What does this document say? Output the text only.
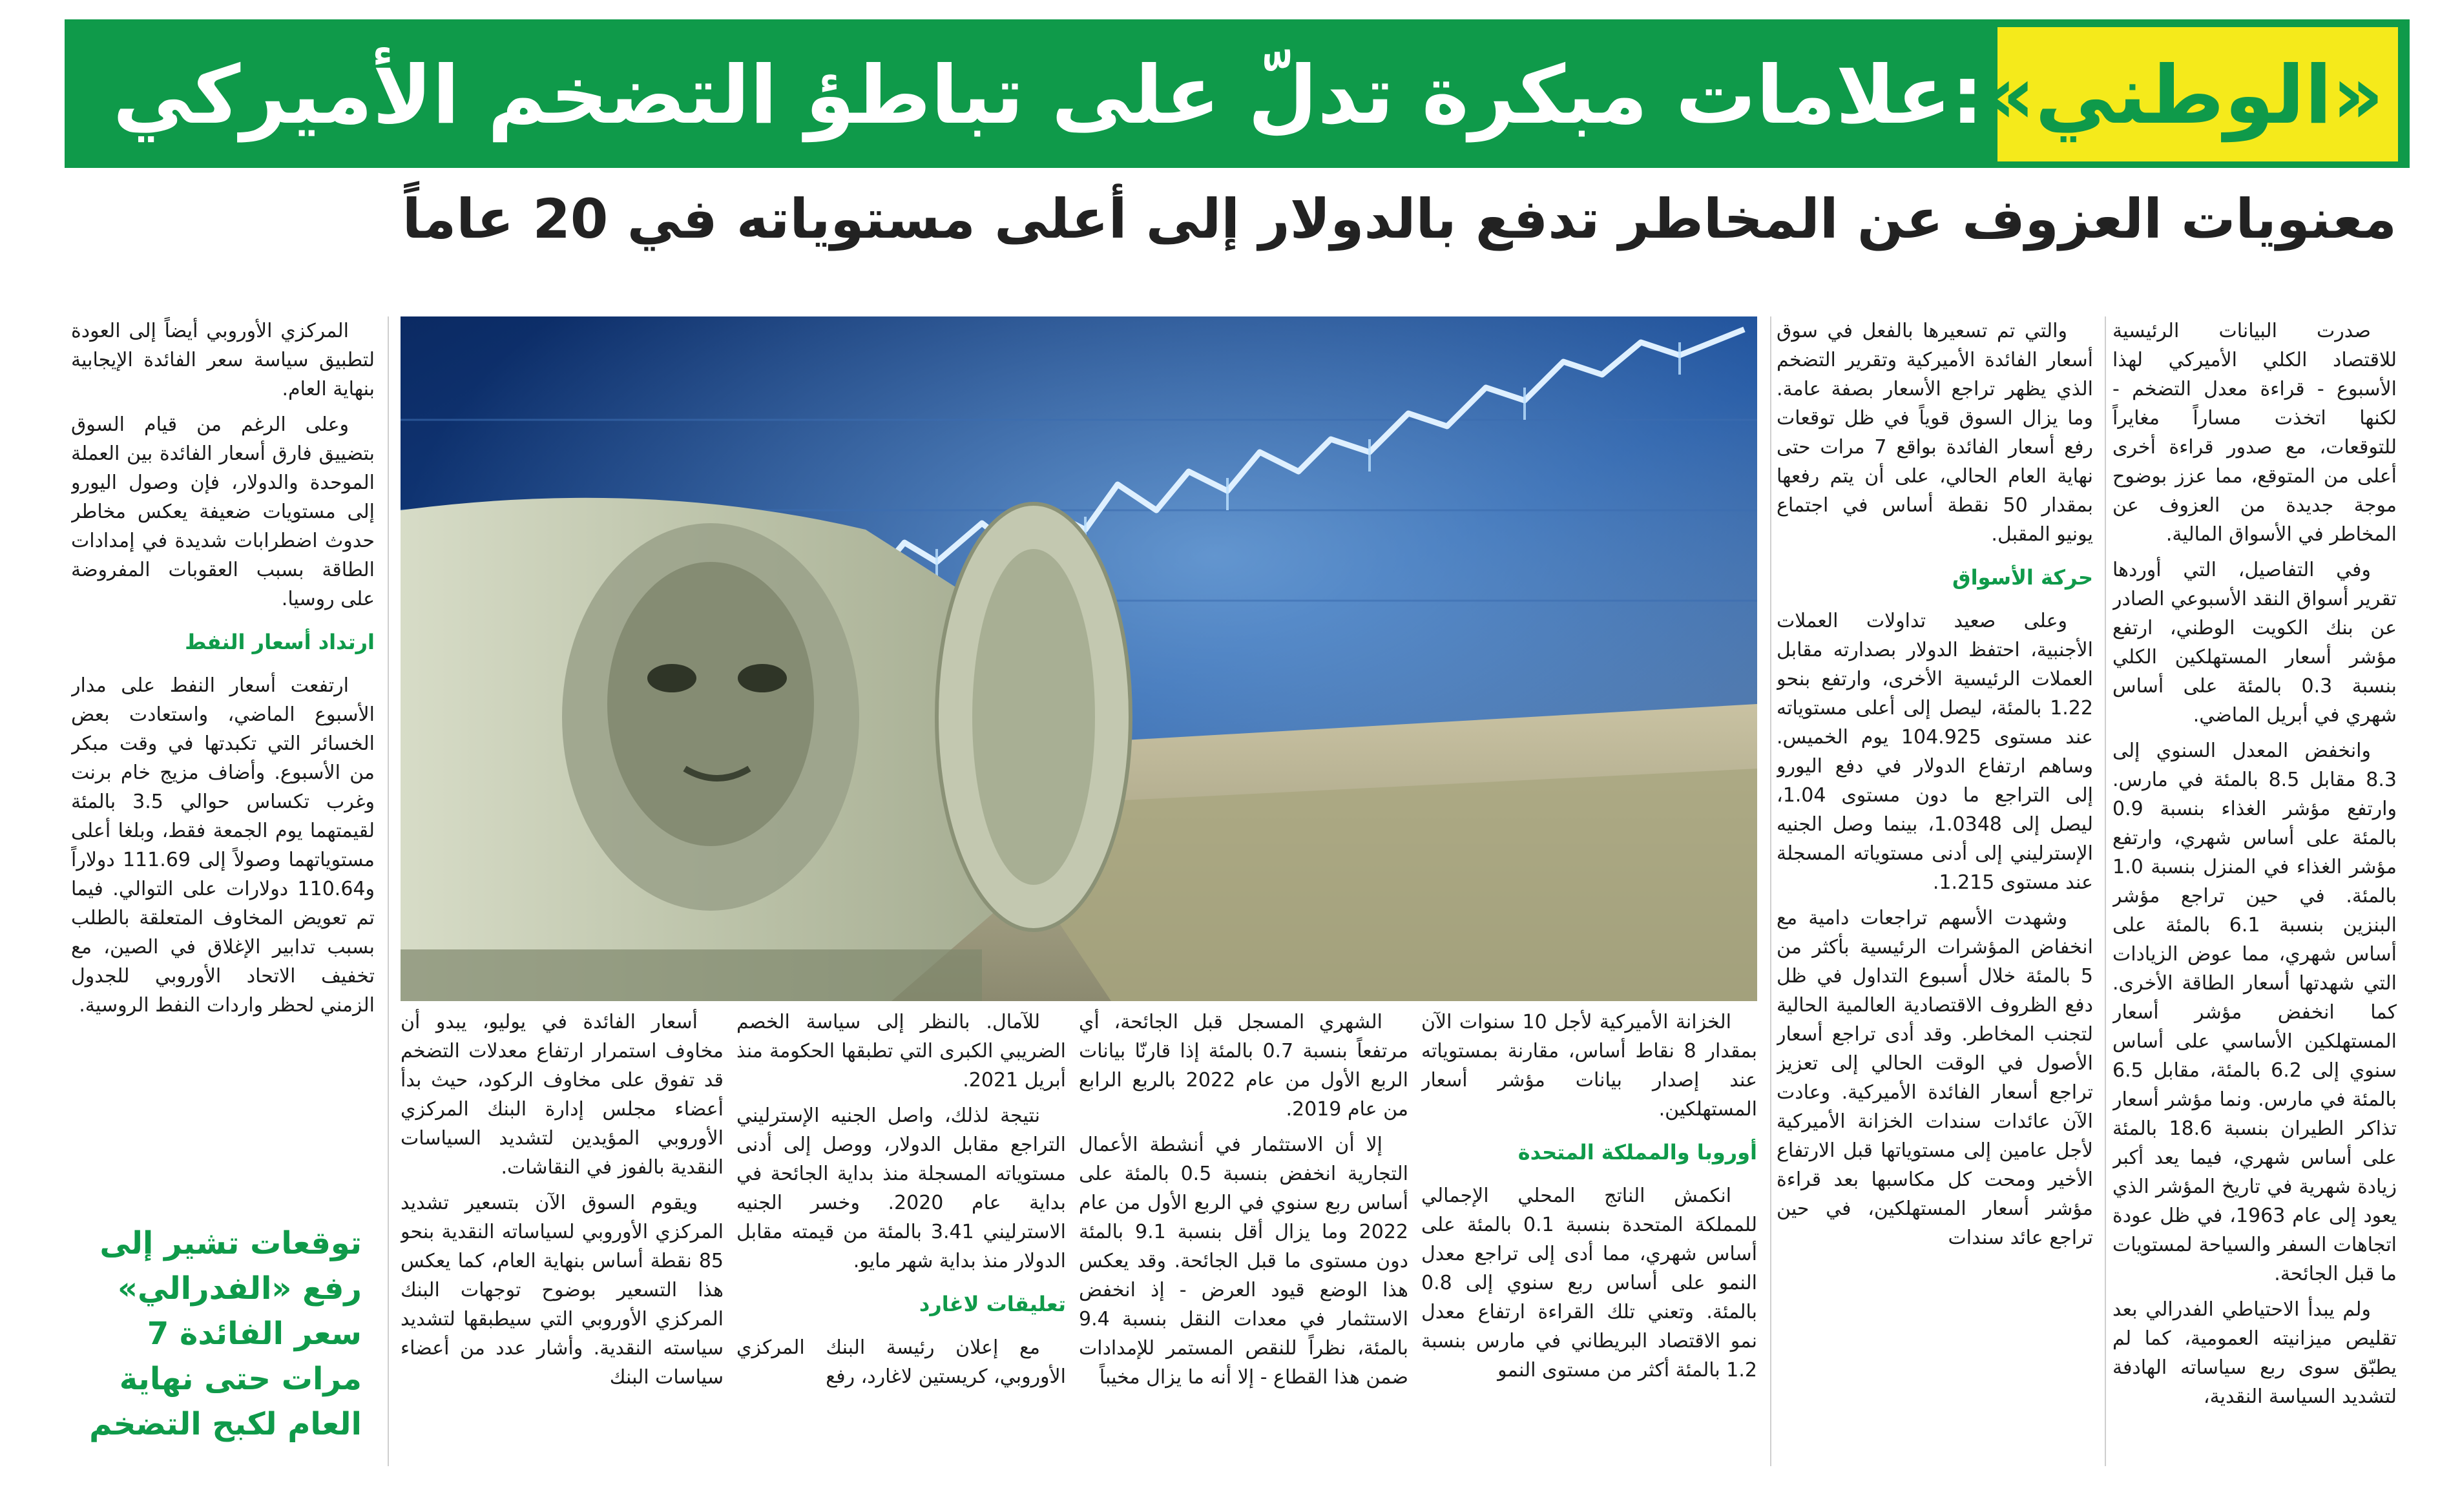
«الوطني»
:
علامات مبكرة تدلّ على تباطؤ التضخم الأميركي
معنويات العزوف عن المخاطر تدفع بالدولار إلى أعلى مستوياته في 20 عاماً

صدرت البيانات الرئيسية للاقتصاد الكلي الأميركي لهذا الأسبوع - قراءة معدل التضخم - لكنها اتخذت مساراً مغايراً للتوقعات، مع صدور قراءة أخرى أعلى من المتوقع، مما عزز بوضوح موجة جديدة من العزوف عن المخاطر في الأسواق المالية.

وفي التفاصيل، التي أوردها تقرير أسواق النقد الأسبوعي الصادر عن بنك الكويت الوطني، ارتفع مؤشر أسعار المستهلكين الكلي بنسبة 0.3 بالمئة على أساس شهري في أبريل الماضي.

وانخفض المعدل السنوي إلى 8.3 مقابل 8.5 بالمئة في مارس. وارتفع مؤشر الغذاء بنسبة 0.9 بالمئة على أساس شهري، وارتفع مؤشر الغذاء في المنزل بنسبة 1.0 بالمئة. في حين تراجع مؤشر البنزين بنسبة 6.1 بالمئة على أساس شهري، مما عوض الزيادات التي شهدتها أسعار الطاقة الأخرى. كما انخفض مؤشر أسعار المستهلكين الأساسي على أساس سنوي إلى 6.2 بالمئة، مقابل 6.5 بالمئة في مارس. ونما مؤشر أسعار تذاكر الطيران بنسبة 18.6 بالمئة على أساس شهري، فيما يعد أكبر زيادة شهرية في تاريخ المؤشر الذي يعود إلى عام 1963، في ظل عودة اتجاهات السفر والسياحة لمستويات ما قبل الجائحة.

ولم يبدأ الاحتياطي الفدرالي بعد تقليص ميزانيته العمومية، كما لم يطبّق سوى ربع سياساته الهادفة لتشديد السياسة النقدية،

والتي تم تسعيرها بالفعل في سوق أسعار الفائدة الأميركية وتقرير التضخم الذي يظهر تراجع الأسعار بصفة عامة. وما يزال السوق قوياً في ظل توقعات رفع أسعار الفائدة بواقع 7 مرات حتى نهاية العام الحالي، على أن يتم رفعها بمقدار 50 نقطة أساس في اجتماع يونيو المقبل.

حركة الأسواق

وعلى صعيد تداولات العملات الأجنبية، احتفظ الدولار بصدارته مقابل العملات الرئيسية الأخرى، وارتفع بنحو 1.22 بالمئة، ليصل إلى أعلى مستوياته عند مستوى 104.925 يوم الخميس. وساهم ارتفاع الدولار في دفع اليورو إلى التراجع ما دون مستوى 1.04، ليصل إلى 1.0348، بينما وصل الجنيه الإسترليني إلى أدنى مستوياته المسجلة عند مستوى 1.215.

وشهدت الأسهم تراجعات دامية مع انخفاض المؤشرات الرئيسية بأكثر من 5 بالمئة خلال أسبوع التداول في ظل دفع الظروف الاقتصادية العالمية الحالية لتجنب المخاطر. وقد أدى تراجع أسعار الأصول في الوقت الحالي إلى تعزيز تراجع أسعار الفائدة الأميركية. وعادت الآن عائدات سندات الخزانة الأميركية لأجل عامين إلى مستوياتها قبل الارتفاع الأخير ومحت كل مكاسبها بعد قراءة مؤشر أسعار المستهلكين، في حين تراجع عائد سندات

الخزانة الأميركية لأجل 10 سنوات الآن بمقدار 8 نقاط أساس، مقارنة بمستوياته عند إصدار بيانات مؤشر أسعار المستهلكين.

أوروبا والمملكة المتحدة

انكمش الناتج المحلي الإجمالي للمملكة المتحدة بنسبة 0.1 بالمئة على أساس شهري، مما أدى إلى تراجع معدل النمو على أساس ربع سنوي إلى 0.8 بالمئة. وتعني تلك القراءة ارتفاع معدل نمو الاقتصاد البريطاني في مارس بنسبة 1.2 بالمئة أكثر من مستوى النمو

الشهري المسجل قبل الجائحة، أي مرتفعاً بنسبة 0.7 بالمئة إذا قارنّا بيانات الربع الأول من عام 2022 بالربع الرابع من عام 2019.

إلا أن الاستثمار في أنشطة الأعمال التجارية انخفض بنسبة 0.5 بالمئة على أساس ربع سنوي في الربع الأول من عام 2022 وما يزال أقل بنسبة 9.1 بالمئة دون مستوى ما قبل الجائحة. وقد يعكس هذا الوضع قيود العرض - إذ انخفض الاستثمار في معدات النقل بنسبة 9.4 بالمئة، نظراً للنقص المستمر للإمدادات ضمن هذا القطاع - إلا أنه ما يزال مخيباً

للآمال. بالنظر إلى سياسة الخصم الضريبي الكبرى التي تطبقها الحكومة منذ أبريل 2021.

نتيجة لذلك، واصل الجنيه الإسترليني التراجع مقابل الدولار، ووصل إلى أدنى مستوياته المسجلة منذ بداية الجائحة في بداية عام 2020. وخسر الجنيه الاسترليني 3.41 بالمئة من قيمته مقابل الدولار منذ بداية شهر مايو.

تعليقات لاغارد

مع إعلان رئيسة البنك المركزي الأوروبي، كريستين لاغارد، رفع

أسعار الفائدة في يوليو، يبدو أن مخاوف استمرار ارتفاع معدلات التضخم قد تفوق على مخاوف الركود، حيث بدأ أعضاء مجلس إدارة البنك المركزي الأوروبي المؤيدين لتشديد السياسات النقدية بالفوز في النقاشات.

ويقوم السوق الآن بتسعير تشديد المركزي الأوروبي لسياساته النقدية بنحو 85 نقطة أساس بنهاية العام، كما يعكس هذا التسعير بوضوح توجهات البنك المركزي الأوروبي التي سيطبقها لتشديد سياسته النقدية. وأشار عدد من أعضاء سياسات البنك

المركزي الأوروبي أيضاً إلى العودة لتطبيق سياسة سعر الفائدة الإيجابية بنهاية العام.

وعلى الرغم من قيام السوق بتضييق فارق أسعار الفائدة بين العملة الموحدة والدولار، فإن وصول اليورو إلى مستويات ضعيفة يعكس مخاطر حدوث اضطرابات شديدة في إمدادات الطاقة بسبب العقوبات المفروضة على روسيا.

ارتداد أسعار النفط

ارتفعت أسعار النفط على مدار الأسبوع الماضي، واستعادت بعض الخسائر التي تكبدتها في وقت مبكر من الأسبوع. وأضاف مزيج خام برنت وغرب تكساس حوالي 3.5 بالمئة لقيمتهما يوم الجمعة فقط، وبلغا أعلى مستوياتهما وصولاً إلى 111.69 دولاراً و110.64 دولارات على التوالي. فيما تم تعويض المخاوف المتعلقة بالطلب بسبب تدابير الإغلاق في الصين، مع تخفيف الاتحاد الأوروبي للجدول الزمني لحظر واردات النفط الروسية.

توقعات تشير إلى رفع «الفدرالي» سعر الفائدة 7 مرات حتى نهاية العام لكبح التضخم
